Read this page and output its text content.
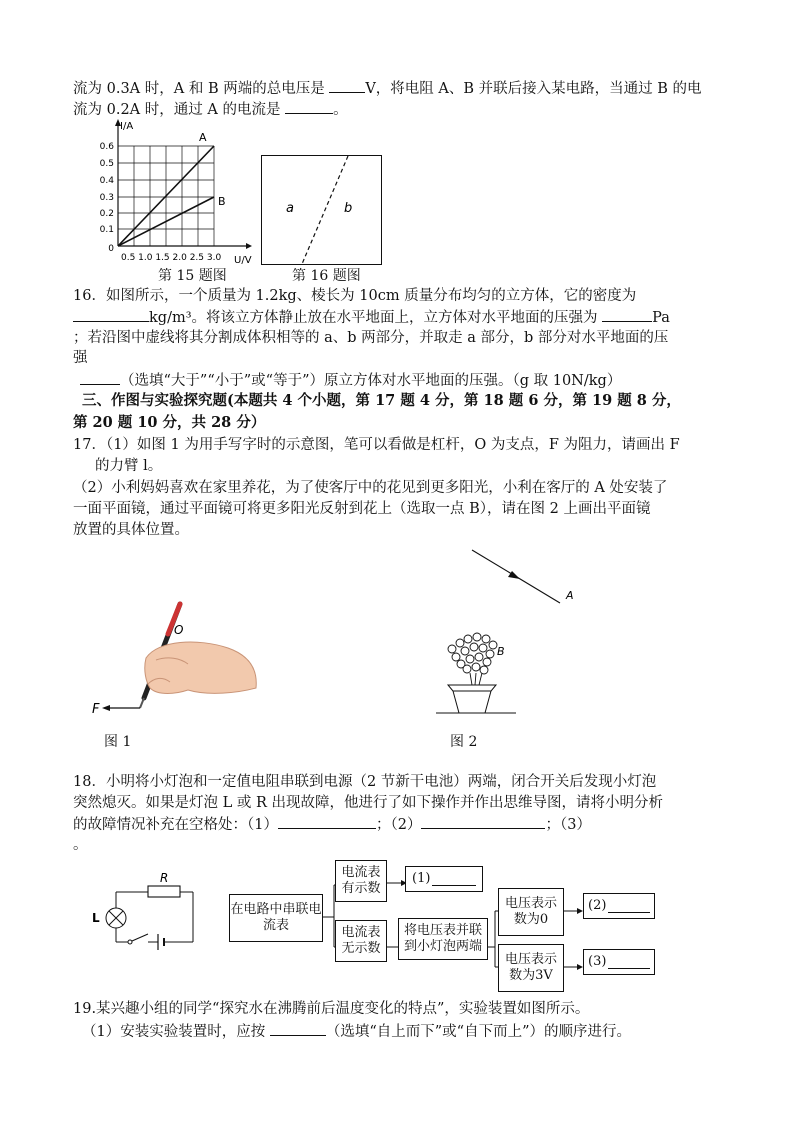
流为 0.3A 时，A 和 B 两端的总电压是 V，将电阻 A、B 并联后接入某电路，当通过 B 的电
流为 0.2A 时，通过 A 的电流是	。
A
B
I/A
U/V
0.6
0.5
0.4
0.3
0.2
0.1
0
0.5 1.0 1.5 2.0 2.5 3.0
第 15 题图
a	b
第 16 题图
16．如图所示，一个质量为 1.2kg、棱长为 10cm 质量分布均匀的立方体，它的密度为
kg/m³。将该立方体静止放在水平地面上，立方体对水平地面的压强为	Pa
；若沿图中虚线将其分割成体积相等的 a、b 两部分，并取走 a 部分，b 部分对水平地面的压
强
（选填“大于”“小于”或“等于”）原立方体对水平地面的压强。（g 取 10N/kg）
三、作图与实验探究题(本题共 4 个小题，第 17 题 4 分，第 18 题 6 分，第 19 题 8 分，
第 20 题 10 分，共 28 分）
17．（1）如图 1 为用手写字时的示意图，笔可以看做是杠杆，O 为支点，F 为阻力，请画出 F
的力臂 l。
（2）小利妈妈喜欢在家里养花，为了使客厅中的花见到更多阳光，小利在客厅的 A 处安装了
一面平面镜，通过平面镜可将更多阳光反射到花上（选取一点 B），请在图 2 上画出平面镜
放置的具体位置。
F
O
图 1
A
B
图 2
18．小明将小灯泡和一定值电阻串联到电源（2 节新干电池）两端，闭合开关后发现小灯泡
突然熄灭。如果是灯泡 L 或 R 出现故障，他进行了如下操作并作出思维导图，请将小明分析
的故障情况补充在空格处：（1）	；（2）	；（3）
。
R
L
在电路中串联电流表
电流表有示数
电流表无示数
(1)
将电压表并联到小灯泡两端
电压表示数为0
电压表示数为3V
(2)
(3)
19.某兴趣小组的同学“探究水在沸腾前后温度变化的特点”，实验装置如图所示。
（1）安装实验装置时，应按	（选填“自上而下”或“自下而上”）的顺序进行。
